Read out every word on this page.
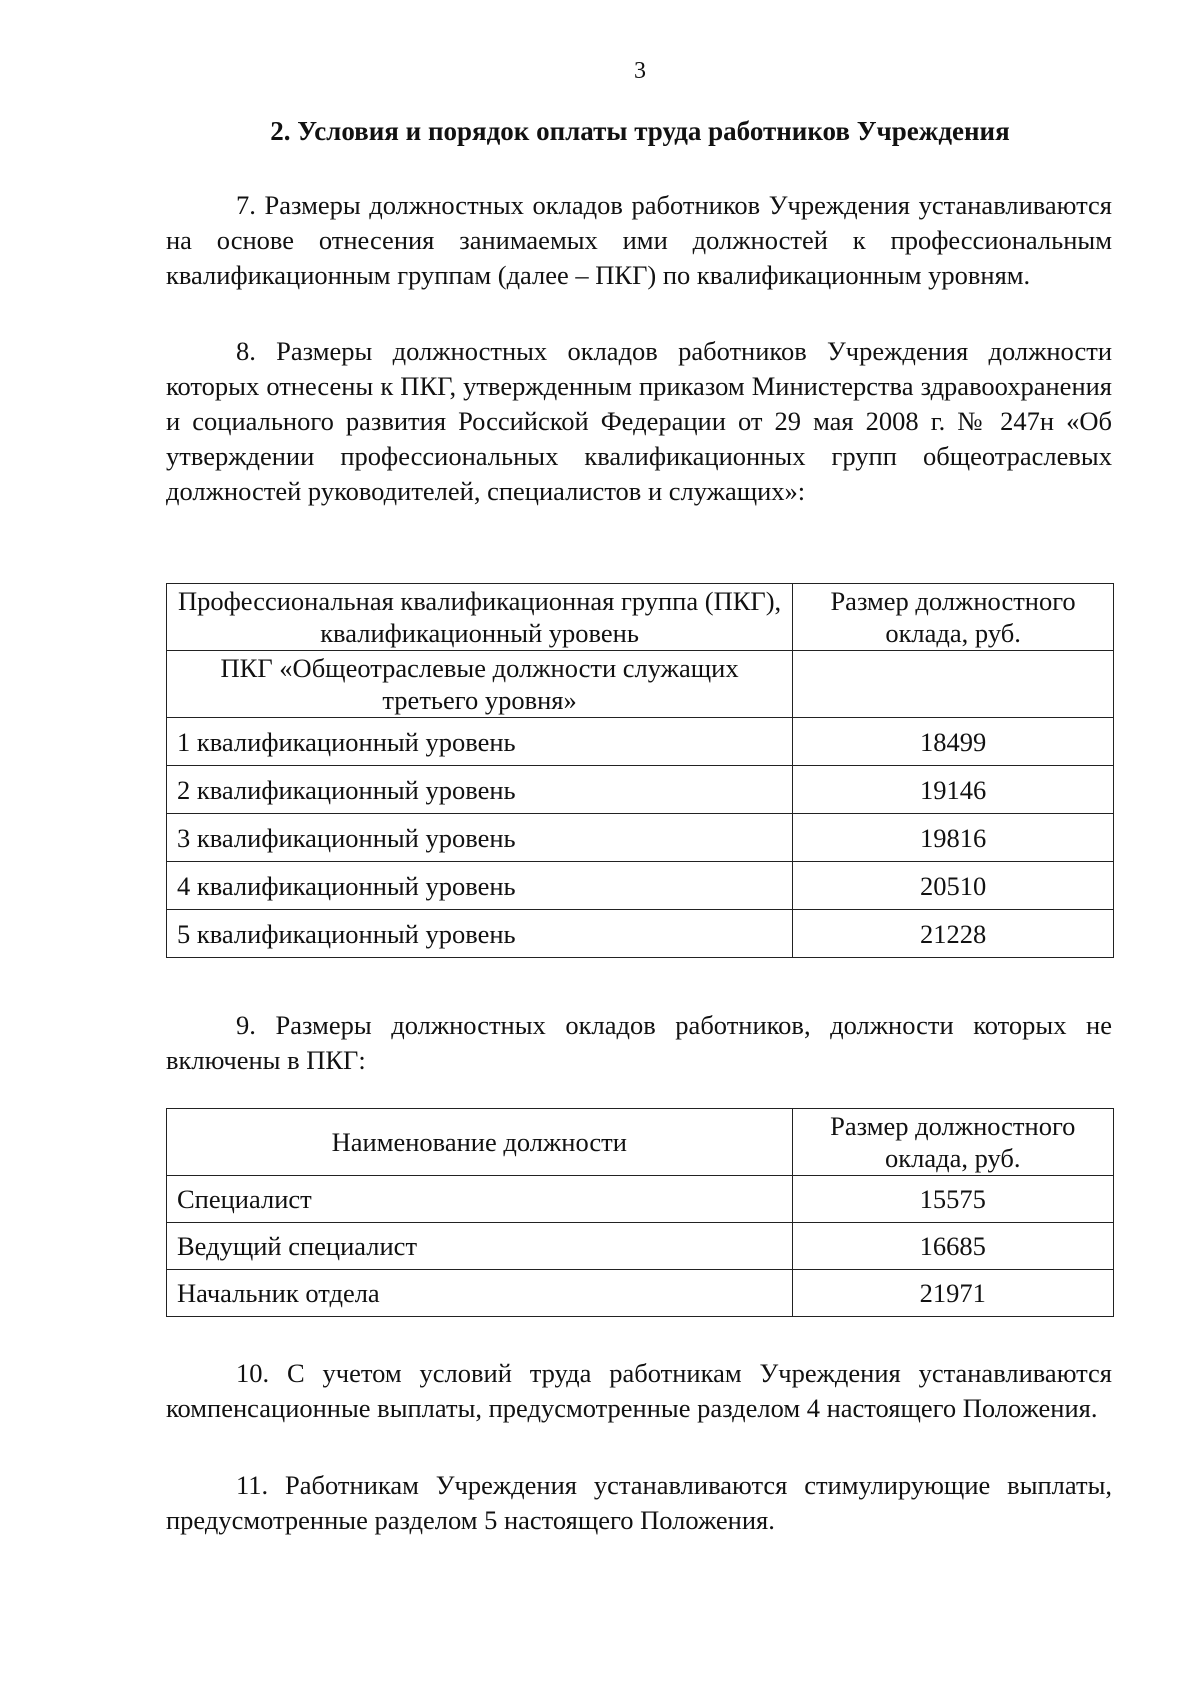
3
2. Условия и порядок оплаты труда работников Учреждения

7. Размеры должностных окладов работников Учреждения устанавливаются на основе отнесения занимаемых ими должностей к профессиональным квалификационным группам (далее – ПКГ) по квалификационным уровням.

8. Размеры должностных окладов работников Учреждения должности которых отнесены к ПКГ, утвержденным приказом Министерства здравоохранения и социального развития Российской Федерации от 29 мая 2008 г. № 247н «Об утверждении профессиональных квалификационных групп общеотраслевых должностей руководителей, специалистов и служащих»:

Профессиональная квалификационная группа (ПКГ), квалификационный уровень	Размер должностного оклада, руб.
ПКГ «Общеотраслевые должности служащих третьего уровня»	
1 квалификационный уровень	18499
2 квалификационный уровень	19146
3 квалификационный уровень	19816
4 квалификационный уровень	20510
5 квалификационный уровень	21228

9. Размеры должностных окладов работников, должности которых не включены в ПКГ:

Наименование должности	Размер должностного оклада, руб.
Специалист	15575
Ведущий специалист	16685
Начальник отдела	21971

10. С учетом условий труда работникам Учреждения устанавливаются компенсационные выплаты, предусмотренные разделом 4 настоящего Положения.

11. Работникам Учреждения устанавливаются стимулирующие выплаты, предусмотренные разделом 5 настоящего Положения.
